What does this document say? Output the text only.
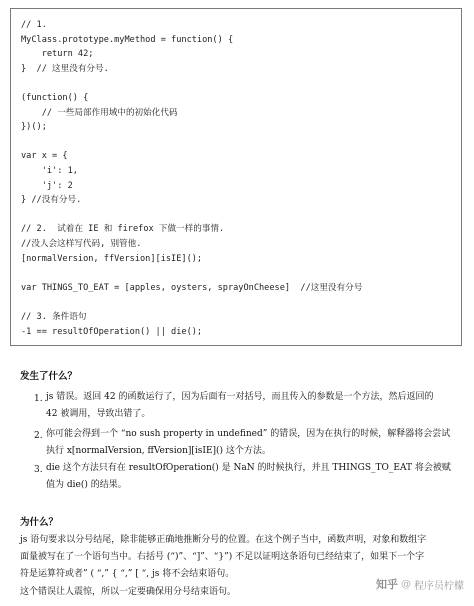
// 1.
MyClass.prototype.myMethod = function() {
return 42;
}  // 这里没有分号.
(function() {
// 一些局部作用域中的初始化代码
})();
var x = {
'i': 1,
'j': 2
} //没有分号.
// 2.  试着在 IE 和 firefox 下做一样的事情.
//没人会这样写代码, 别管他.
[normalVersion, ffVersion][isIE]();
var THINGS_TO_EAT = [apples, oysters, sprayOnCheese]  //这里没有分号
// 3. 条件语句
-1 == resultOfOperation() || die();
发生了什么？
1. js 错误。返回 42 的函数运行了，因为后面有一对括号，而且传入的参数是一个方法，然后返回的
42 被调用，导致出错了。
2. 你可能会得到一个 “no sush property in undefined” 的错误，因为在执行的时候，解释器将会尝试
执行 x[normalVersion, ffVersion][isIE]() 这个方法。
3. die 这个方法只有在 resultOfOperation() 是 NaN 的时候执行，并且 THINGS_TO_EAT 将会被赋
值为 die() 的结果。
为什么？
js 语句要求以分号结尾，除非能够正确地推断分号的位置。在这个例子当中，函数声明，对象和数组字
面量被写在了一个语句当中。右括号 (“)”、“]”、“}”) 不足以证明这条语句已经结束了，如果下一个字
符是运算符或者” ( “,” { “,” [ “, js 将不会结束语句。
这个错误让人震惊，所以一定要确保用分号结束语句。
知乎 @ 程序员柠檬
